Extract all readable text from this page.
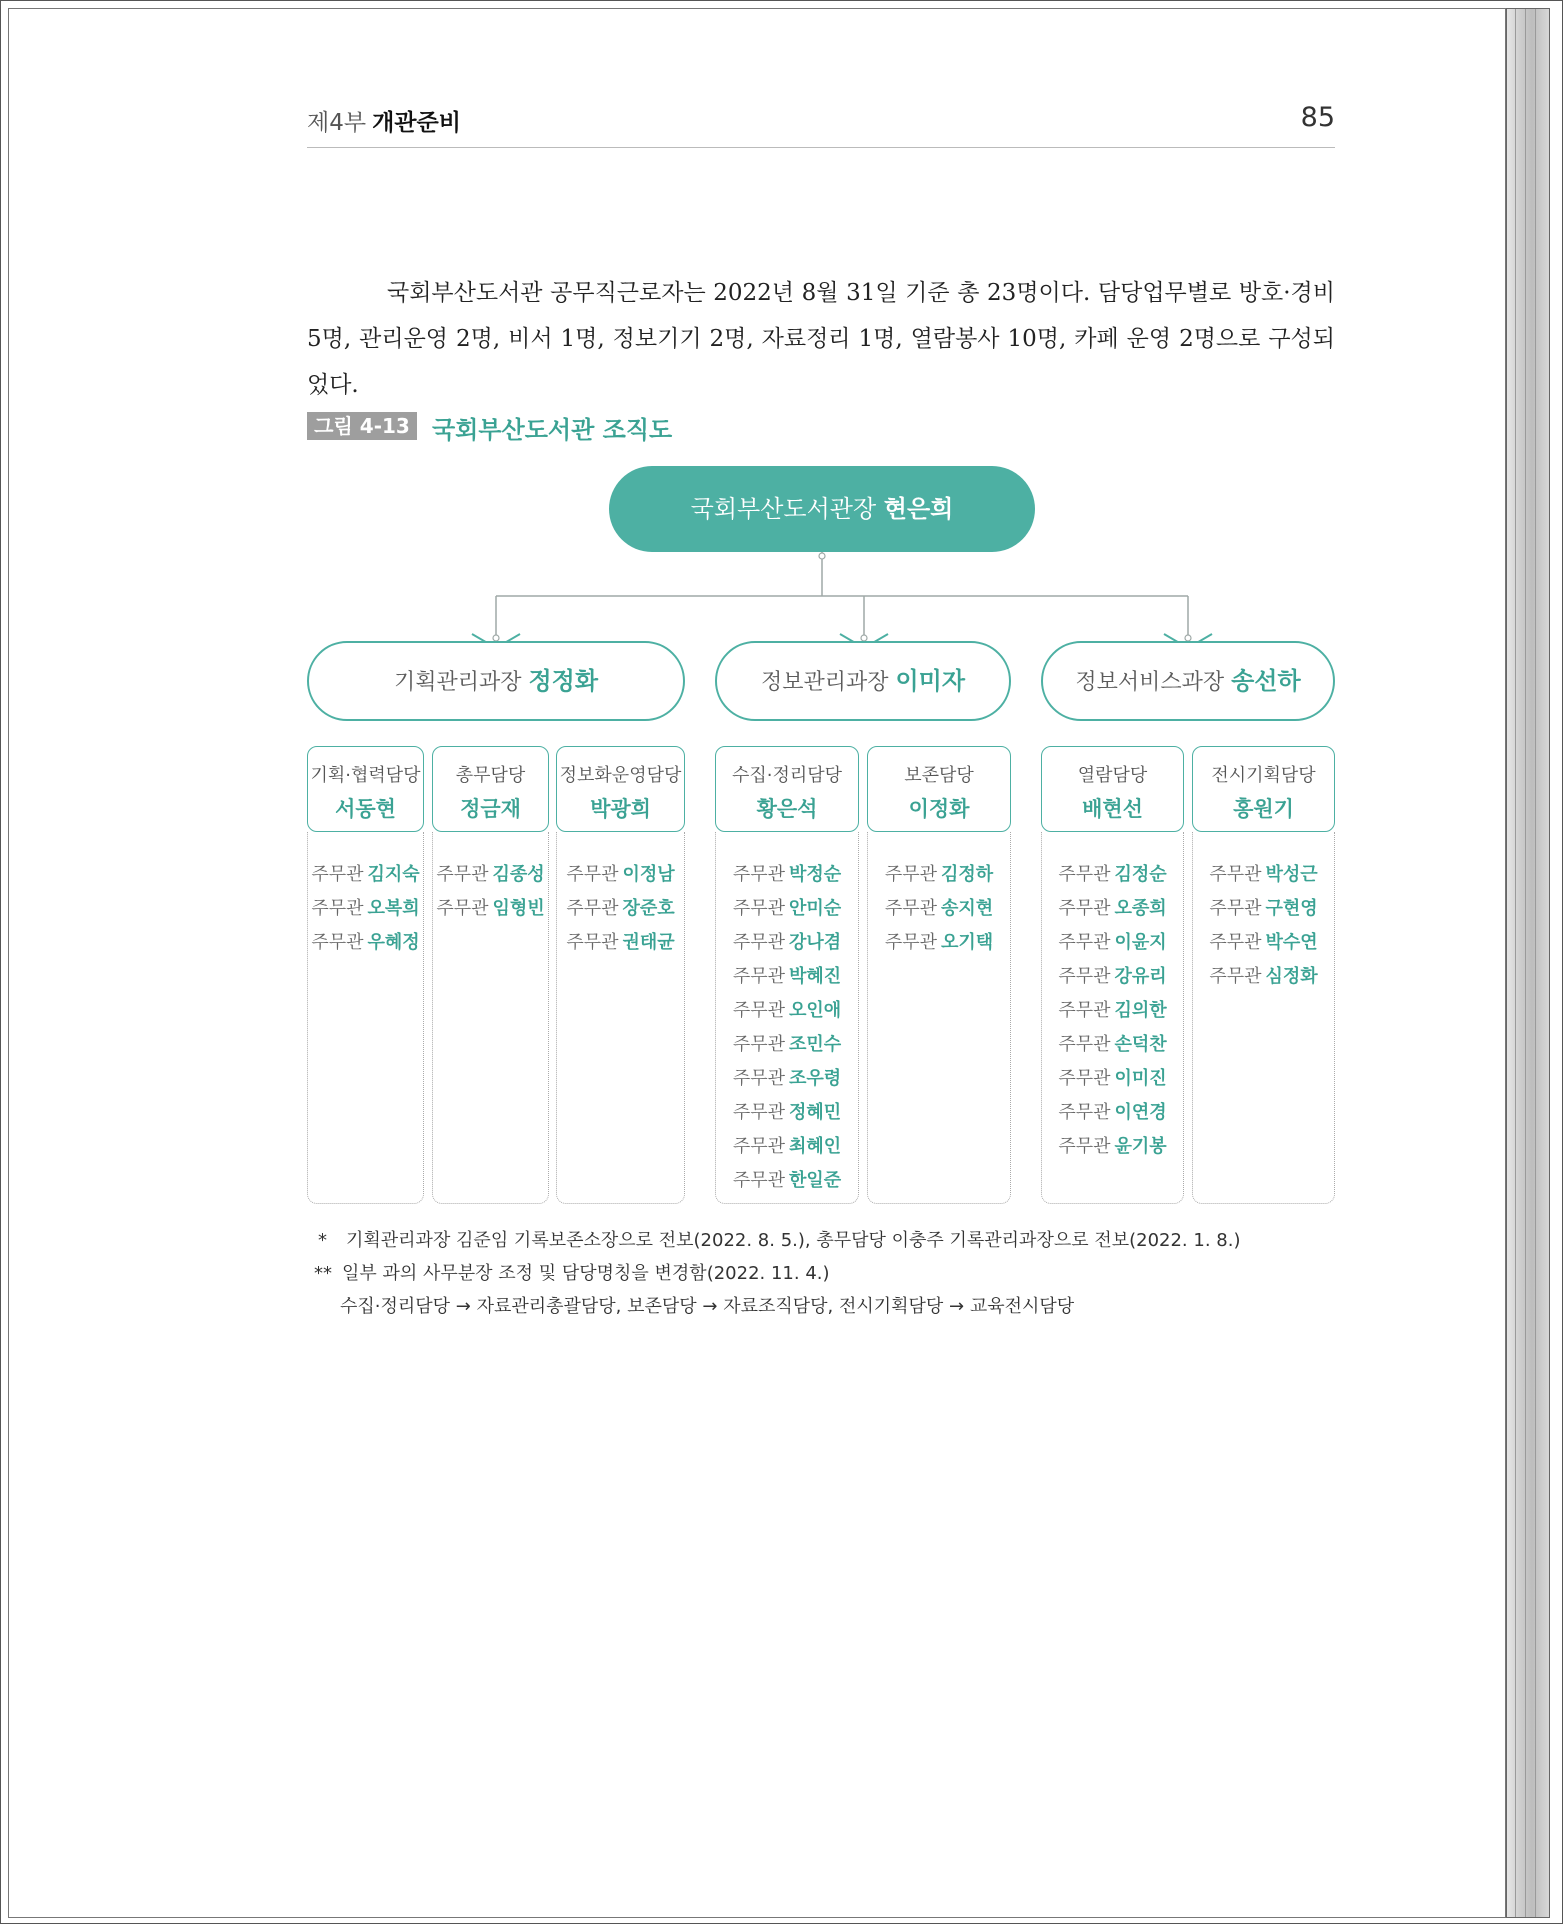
제4부 개관준비	85
국회부산도서관 공무직근로자는 2022년 8월 31일 기준 총 23명이다. 담당업무별로 방호·경비 5명, 관리운영 2명, 비서 1명, 정보기기 2명, 자료정리 1명, 열람봉사 10명, 카페 운영 2명으로 구성되었다.
그림 4-13 국회부산도서관 조직도
국회부산도서관장 현은희
기획관리과장 정정화	정보관리과장 이미자	정보서비스과장 송선하
기획·협력담당
서동현
주무관 김지숙
주무관 오복희
주무관 우혜정
총무담당
정금재
주무관 김종성
주무관 임형빈
정보화운영담당
박광희
주무관 이정남
주무관 장준호
주무관 권태균
수집·정리담당
황은석
주무관 박정순
주무관 안미순
주무관 강나겸
주무관 박혜진
주무관 오인애
주무관 조민수
주무관 조우령
주무관 정혜민
주무관 최혜인
주무관 한일준
보존담당
이정화
주무관 김정하
주무관 송지현
주무관 오기택
열람담당
배현선
주무관 김정순
주무관 오종희
주무관 이윤지
주무관 강유리
주무관 김의한
주무관 손덕찬
주무관 이미진
주무관 이연경
주무관 윤기봉
전시기획담당
홍원기
주무관 박성근
주무관 구현영
주무관 박수연
주무관 심정화
* 기획관리과장 김준임 기록보존소장으로 전보(2022. 8. 5.), 총무담당 이충주 기록관리과장으로 전보(2022. 1. 8.)
** 일부 과의 사무분장 조정 및 담당명칭을 변경함(2022. 11. 4.)
수집·정리담당 → 자료관리총괄담당, 보존담당 → 자료조직담당, 전시기획담당 → 교육전시담당
